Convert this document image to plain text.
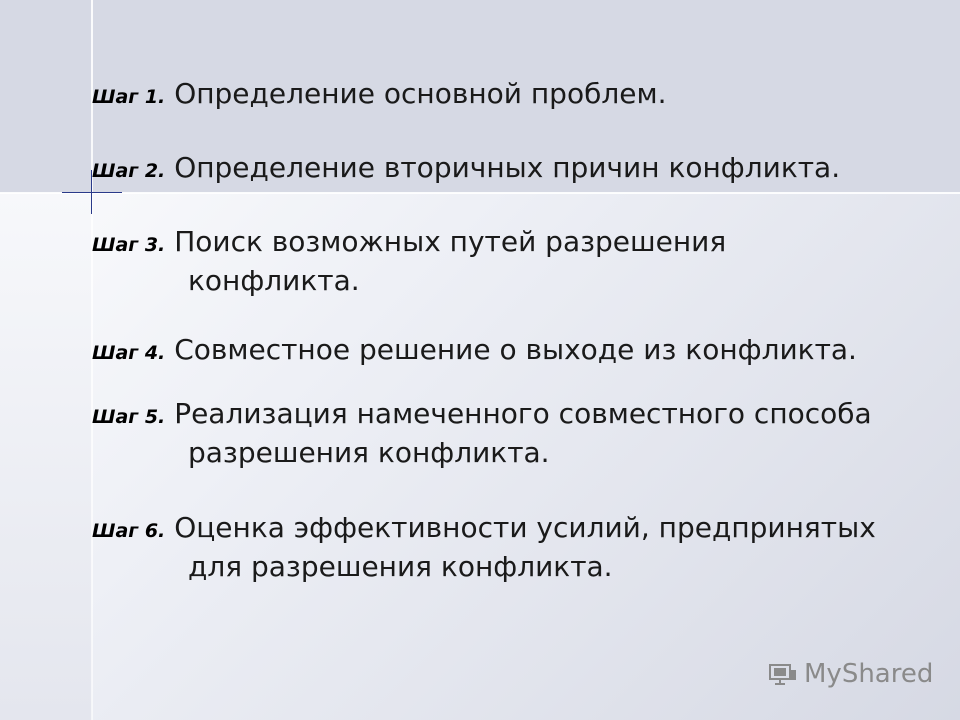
Шаг 1. Определение основной проблем.
Шаг 2. Определение вторичных причин конфликта.
Шаг 3. Поиск возможных путей разрешения
конфликта.
Шаг 4. Совместное решение о выходе из конфликта.
Шаг 5. Реализация намеченного совместного способа
разрешения конфликта.
Шаг 6. Оценка эффективности усилий, предпринятых
для разрешения конфликта.
MyShared
